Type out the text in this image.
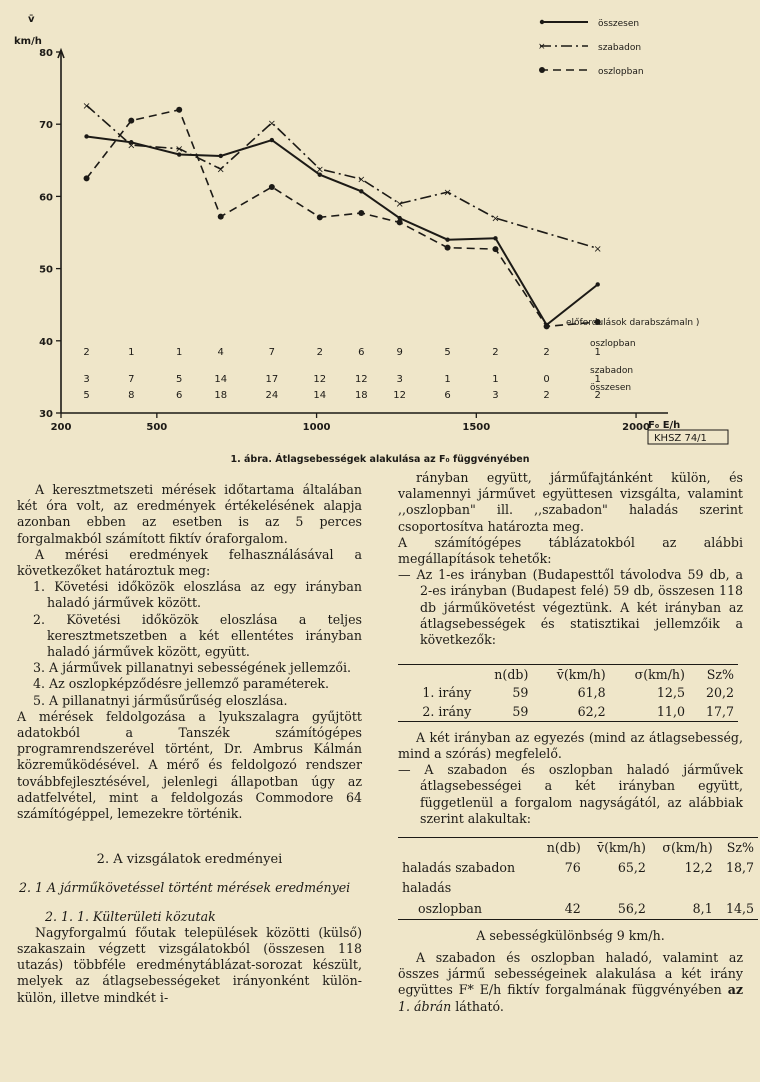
v̄
km/h
F₀ E/h
30
40
50
60
70
80
200	500	1000	1500	2000
×
×	×
×
×
×
×
×
×
×
×
2	1	1	4	7	2	6	9	5	2	2	1
3	7	5	14	17	12	12	3	1	1	0	1
5	8	6	18	24	14	18	12	6	3	2	2
összesen
×	szabadon
oszlopban
előfordulások darabszámaln )
oszlopban
szabadon
összesen
KHSZ 74/1
1. ábra. Átlagsebességek alakulása az F₀ függvényében

A keresztmetszeti mérések időtartama általában két óra volt, az eredmények értékelésének alapja azonban ebben az esetben is az 5 perces forgalmakból számított fiktív óraforgalom.

A mérési eredmények felhasználásával a következőket határoztuk meg:

1. Követési időközök eloszlása az egy irányban haladó járművek között.
2. Követési időközök eloszlása a teljes keresztmetszetben a két ellentétes irányban haladó járművek között, együtt.
3. A járművek pillanatnyi sebességének jellemzői.
4. Az oszlopképződésre jellemző paraméterek.
5. A pillanatnyi járműsűrűség eloszlása.

A mérések feldolgozása a lyukszalagra gyűjtött adatokból a Tanszék számítógépes programrendszerével történt, Dr. Ambrus Kálmán közreműködésével. A mérő és feldolgozó rendszer továbbfejlesztésével, jelenlegi állapotban úgy az adatfelvétel, mint a feldolgozás Commodore 64 számítógéppel, lemezekre történik.

2. A vizsgálatok eredményei

2. 1 A járműkövetéssel történt mérések eredményei

2. 1. 1. Külterületi közutak

Nagyforgalmú főutak települések közötti (külső) szakaszain végzett vizsgálatokból (összesen 118 utazás) többféle eredménytáblázat-sorozat készült, melyek az átlagsebességeket irányonként külön-külön, illetve mindkét i-

rányban együtt, járműfajtánként külön, és valamennyi járművet együttesen vizsgálta, valamint ,,oszlopban" ill. ,,szabadon" haladás szerint csoportosítva határozta meg.

A számítógépes táblázatokból az alábbi megállapítások tehetők:

— Az 1-es irányban (Budapesttől távolodva 59 db, a 2-es irányban (Budapest felé) 59 db, összesen 118 db járműkövetést végeztünk. A két irányban az átlagsebességek és statisztikai jellemzőik a következők:

	n(db)	v̄(km/h)	σ(km/h)	Sz%
1. irány	59	61,8	12,5	20,2
2. irány	59	62,2	11,0	17,7

A két irányban az egyezés (mind az átlagsebesség, mind a szórás) megfelelő.

— A szabadon és oszlopban haladó járművek átlagsebességei a két irányban együtt, függetlenül a forgalom nagyságától, az alábbiak szerint alakultak:

	n(db)	v̄(km/h)	σ(km/h)	Sz%
haladás szabadon	76	65,2	12,2	18,7
haladás				
oszlopban	42	56,2	8,1	14,5

A sebességkülönbség 9 km/h.

A szabadon és oszlopban haladó, valamint az összes jármű sebességeinek alakulása a két irány együttes F* E/h fiktív forgalmának függvényében az 1. ábrán látható.
